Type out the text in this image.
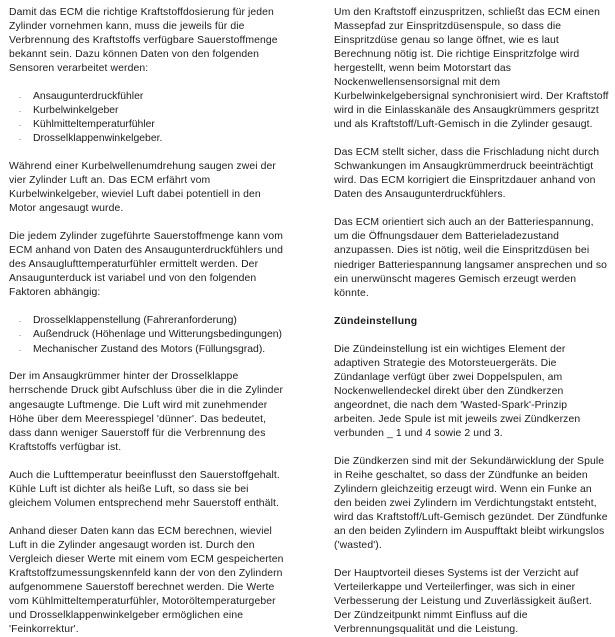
Damit das ECM die richtige Kraftstoffdosierung für jeden
Zylinder vornehmen kann, muss die jeweils für die
Verbrennung des Kraftstoffs verfügbare Sauerstoffmenge
bekannt sein. Dazu können Daten von den folgenden
Sensoren verarbeitet werden:
· Ansaugunterdruckfühler
· Kurbelwinkelgeber
· Kühlmitteltemperaturfühler
· Drosselklappenwinkelgeber.
Während einer Kurbelwellenumdrehung saugen zwei der
vier Zylinder Luft an. Das ECM erfährt vom
Kurbelwinkelgeber, wieviel Luft dabei potentiell in den
Motor angesaugt wurde.
Die jedem Zylinder zugeführte Sauerstoffmenge kann vom
ECM anhand von Daten des Ansaugunterdruckfühlers und
des Ansauglufttemperaturfühler ermittelt werden. Der
Ansaugunterduck ist variabel und von den folgenden
Faktoren abhängig:
· Drosselklappenstellung (Fahreranforderung)
· Außendruck (Höhenlage und Witterungsbedingungen)
· Mechanischer Zustand des Motors (Füllungsgrad).
Der im Ansaugkrümmer hinter der Drosselklappe
herrschende Druck gibt Aufschluss über die in die Zylinder
angesaugte Luftmenge. Die Luft wird mit zunehmender
Höhe über dem Meeresspiegel 'dünner'. Das bedeutet,
dass dann weniger Sauerstoff für die Verbrennung des
Kraftstoffs verfügbar ist.
Auch die Lufttemperatur beeinflusst den Sauerstoffgehalt.
Kühle Luft ist dichter als heiße Luft, so dass sie bei
gleichem Volumen entsprechend mehr Sauerstoff enthält.
Anhand dieser Daten kann das ECM berechnen, wieviel
Luft in die Zylinder angesaugt worden ist. Durch den
Vergleich dieser Werte mit einem vom ECM gespeicherten
Kraftstoffzumessungskennfeld kann der von den Zylindern
aufgenommene Sauerstoff berechnet werden. Die Werte
vom Kühlmitteltemperaturfühler, Motoröltemperaturgeber
und Drosselklappenwinkelgeber ermöglichen eine
'Feinkorrektur'.
Um den Kraftstoff einzuspritzen, schließt das ECM einen
Massepfad zur Einspritzdüsenspule, so dass die
Einspritzdüse genau so lange öffnet, wie es laut
Berechnung nötig ist. Die richtige Einspritzfolge wird
hergestellt, wenn beim Motorstart das
Nockenwellensensorsignal mit dem
Kurbelwinkelgebersignal synchronisiert wird. Der Kraftstoff
wird in die Einlasskanäle des Ansaugkrümmers gespritzt
und als Kraftstoff/Luft-Gemisch in die Zylinder gesaugt.
Das ECM stellt sicher, dass die Frischladung nicht durch
Schwankungen im Ansaugkrümmerdruck beeinträchtigt
wird. Das ECM korrigiert die Einspritzdauer anhand von
Daten des Ansaugunterdruckfühlers.
Das ECM orientiert sich auch an der Batteriespannung,
um die Öffnungsdauer dem Batterieladezustand
anzupassen. Dies ist nötig, weil die Einspritzdüsen bei
niedriger Batteriespannung langsamer ansprechen und so
ein unerwünscht mageres Gemisch erzeugt werden
könnte.
Zündeinstellung
Die Zündeinstellung ist ein wichtiges Element der
adaptiven Strategie des Motorsteuergeräts. Die
Zündanlage verfügt über zwei Doppelspulen, am
Nockenwellendeckel direkt über den Zündkerzen
angeordnet, die nach dem 'Wasted-Spark'-Prinzip
arbeiten. Jede Spule ist mit jeweils zwei Zündkerzen
verbunden _ 1 und 4 sowie 2 und 3.
Die Zündkerzen sind mit der Sekundärwicklung der Spule
in Reihe geschaltet, so dass der Zündfunke an beiden
Zylindern gleichzeitig erzeugt wird. Wenn ein Funke an
den beiden zwei Zylindern im Verdichtungstakt entsteht,
wird das Kraftstoff/Luft-Gemisch gezündet. Der Zündfunke
an den beiden Zylindern im Auspufftakt bleibt wirkungslos
('wasted').
Der Hauptvorteil dieses Systems ist der Verzicht auf
Verteilerkappe und Verteilerfinger, was sich in einer
Verbesserung der Leistung und Zuverlässigkeit äußert.
Der Zündzeitpunkt nimmt Einfluss auf die
Verbrennungsqualität und die Leistung.
